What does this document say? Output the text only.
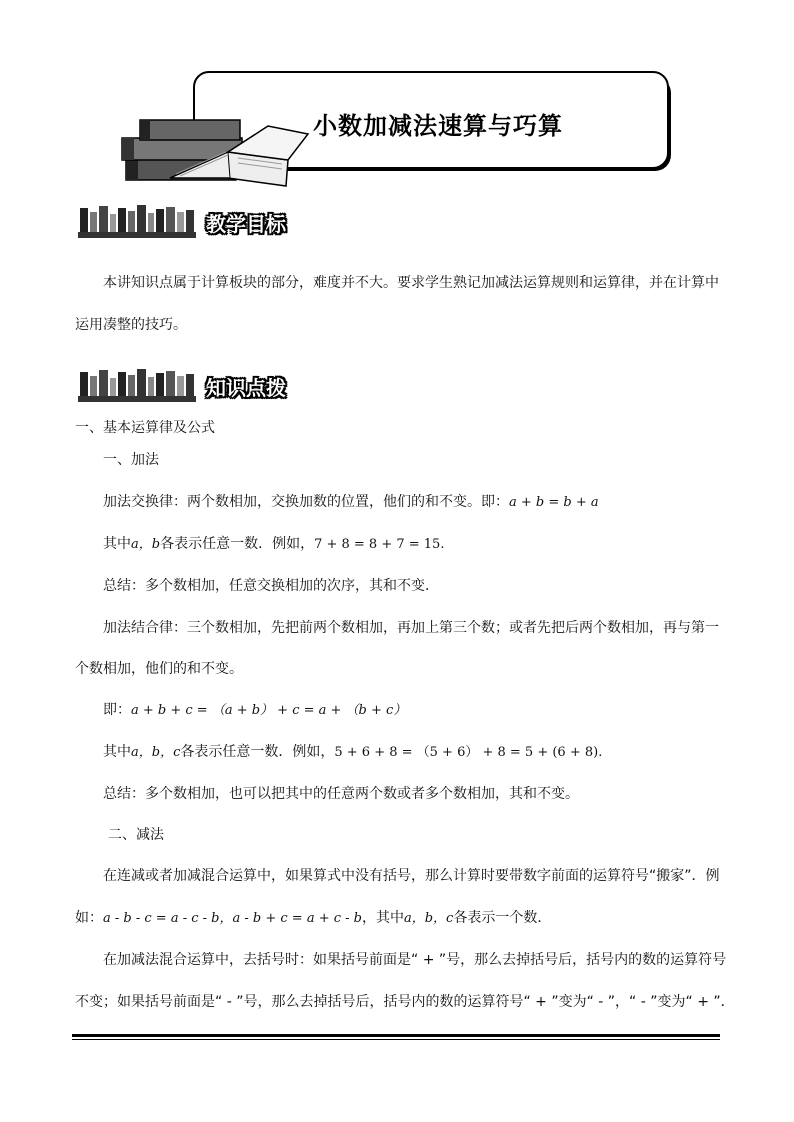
小数加减法速算与巧算
教学目标
本讲知识点属于计算板块的部分，难度并不大。要求学生熟记加减法运算规则和运算律，并在计算中
运用凑整的技巧。
知识点拨
一、基本运算律及公式
一、加法
加法交换律：两个数相加，交换加数的位置，他们的和不变。即：a + b = b + a
其中a，b各表示任意一数．例如，7 + 8 = 8 + 7 = 15.
总结：多个数相加，任意交换相加的次序，其和不变．
加法结合律：三个数相加，先把前两个数相加，再加上第三个数；或者先把后两个数相加，再与第一
个数相加，他们的和不变。
即：a + b + c = （a + b） + c = a + （b + c）
其中a，b，c各表示任意一数．例如，5 + 6 + 8 = （5 + 6） + 8 = 5 + (6 + 8).
总结：多个数相加，也可以把其中的任意两个数或者多个数相加，其和不变。
二、减法
在连减或者加减混合运算中，如果算式中没有括号，那么计算时要带数字前面的运算符号“搬家”．例
如：a - b - c = a - c - b，a - b + c = a + c - b，其中a，b，c各表示一个数．
在加减法混合运算中，去括号时：如果括号前面是“ + ”号，那么去掉括号后，括号内的数的运算符号
不变；如果括号前面是“ - ”号，那么去掉括号后，括号内的数的运算符号“ + ”变为“ - ”，“ - ”变为“ + ”．
